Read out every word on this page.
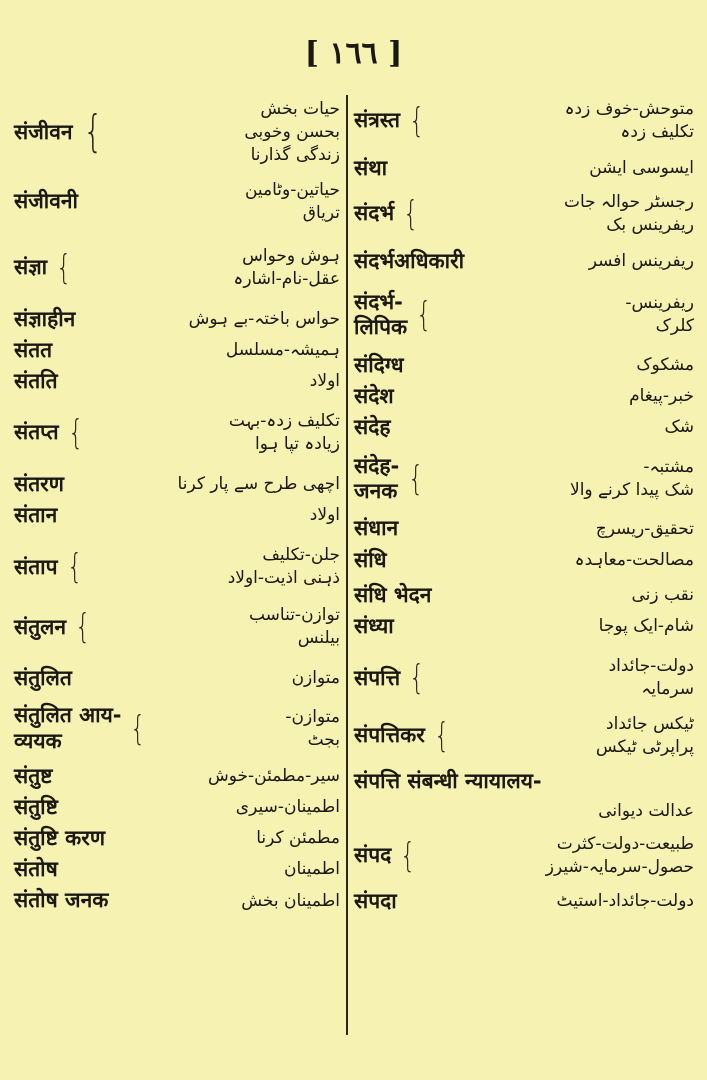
[ ١٦٦ ]
संजीवन {	حیات بخش
بحسن وخوبی
زندگی گذارنا
संजीवनी	حیاتین-وٹامین
تریاق
संज्ञा {	ہوش وحواس
عقل-نام-اشارہ
संज्ञाहीन	حواس باختہ-بے ہوش
संतत	ہمیشہ-مسلسل
संतति	اولاد
संतप्त {	تکلیف زدہ-بہت
زیادہ تپا ہوا
संतरण	اچھی طرح سے پار کرنا
संतान	اولاد
संताप {	جلن-تکلیف
ذہنی اذیت-اولاد
संतुलन {	توازن-تناسب
بیلنس
संतुलित	متوازن
संतुलित आय-
व्ययक	{	متوازن-
بجٹ
संतुष्ट	سیر-مطمئن-خوش
संतुष्टि	اطمینان-سیری
संतुष्टि करण	مطمئن کرنا
संतोष	اطمینان
संतोष जनक	اطمینان بخش
संत्रस्त {	متوحش-خوف زدہ
تکلیف زدہ
संथा	ایسوسی ایشن
संदर्भ {	رجسٹر حوالہ جات
ریفرینس بک
संदर्भअधिकारी	ریفرینس افسر
संदर्भ-
लिपिक {	ریفرینس-
کلرک
संदिग्ध	مشکوک
संदेश	خبر-پیغام
संदेह	شک
संदेह-
जनक {	مشتبہ-
شک پیدا کرنے والا
संधान	تحقیق-ریسرچ
संधि	مصالحت-معاہدہ
संधि भेदन	نقب زنی
संध्या	شام-ایک پوجا
संपत्ति {	دولت-جائداد
سرمایہ
संपत्तिकर {	ٹیکس جائداد
پراپرٹی ٹیکس
संपत्ति संबन्धी न्यायालय-
عدالت دیوانی
संपद {	طبیعت-دولت-کثرت
حصول-سرمایہ-شیرز
संपदा	دولت-جائداد-استیٹ
